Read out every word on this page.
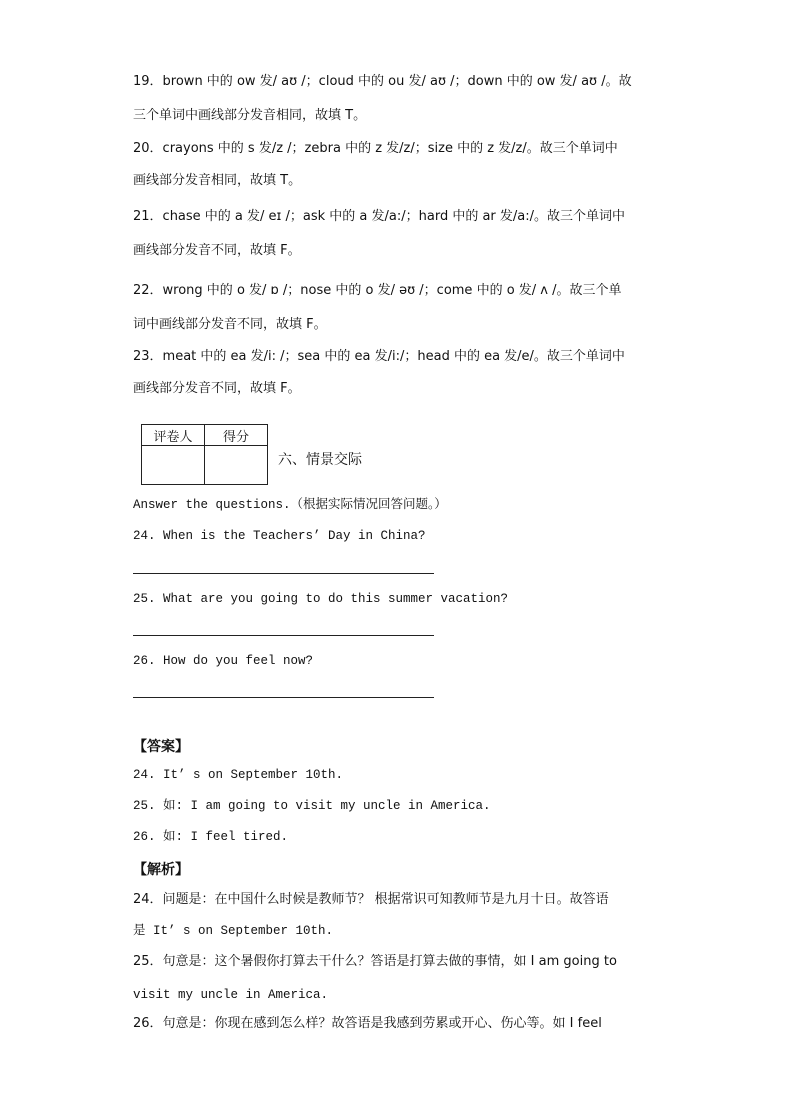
19．brown 中的 ow 发/ aʊ /；cloud 中的 ou 发/ aʊ /；down 中的 ow 发/ aʊ /。故
三个单词中画线部分发音相同，故填 T。
20．crayons 中的 s 发/z /；zebra 中的 z 发/z/；size 中的 z 发/z/。故三个单词中
画线部分发音相同，故填 T。
21．chase 中的 a 发/ eɪ /；ask 中的 a 发/a:/；hard 中的 ar 发/a:/。故三个单词中
画线部分发音不同，故填 F。
22．wrong 中的 o 发/ ɒ /；nose 中的 o 发/ əʊ /；come 中的 o 发/ ʌ /。故三个单
词中画线部分发音不同，故填 F。
23．meat 中的 ea 发/i: /；sea 中的 ea 发/i:/；head 中的 ea 发/e/。故三个单词中
画线部分发音不同，故填 F。
评卷人	得分

六、情景交际
Answer the questions.（根据实际情况回答问题。）
24. When is the Teachers’ Day in China?
25. What are you going to do this summer vacation?
26. How do you feel now?
【答案】
24. It’ s on September 10th.
25. 如: I am going to visit my uncle in America.
26. 如: I feel tired.
【解析】
24．问题是：在中国什么时候是教师节？ 根据常识可知教师节是九月十日。故答语
是 It’ s on September 10th.
25．句意是：这个暑假你打算去干什么？答语是打算去做的事情，如 I am going to
visit my uncle in America.
26．句意是：你现在感到怎么样？故答语是我感到劳累或开心、伤心等。如 I feel
